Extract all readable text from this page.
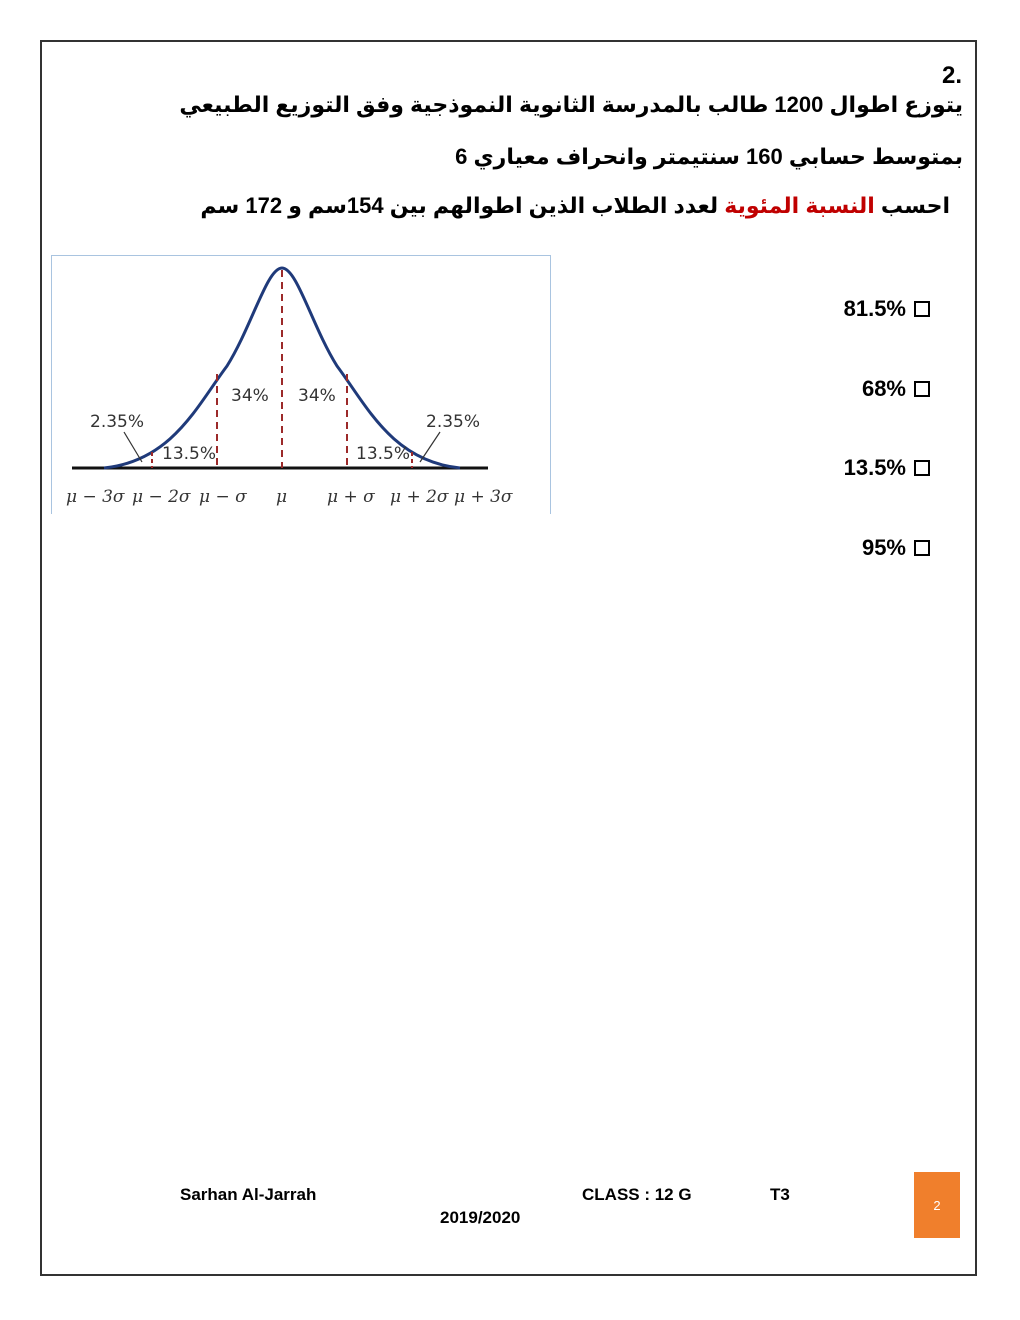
2.
يتوزع اطوال 1200 طالب بالمدرسة الثانوية النموذجية وفق التوزيع الطبيعي
بمتوسط حسابي 160 سنتيمتر وانحراف معياري 6
احسب النسبة المئوية لعدد الطلاب الذين اطوالهم بين 154سم و 172 سم
2.35%	2.35%
13.5%	13.5%
34% 34%
μ − 3σ μ − 2σ μ − σ μ μ + σ μ + 2σ μ + 3σ
81.5%
68%
13.5%
95%
Sarhan Al-Jarrah	CLASS : 12 G	T3
2019/2020
2
